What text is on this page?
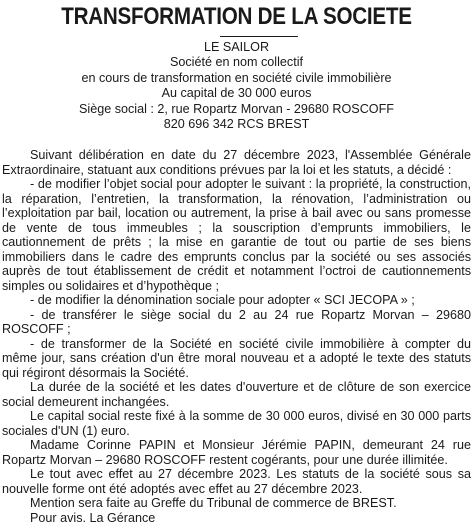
TRANSFORMATION DE LA SOCIETE
LE SAILOR
Société en nom collectif
en cours de transformation en société civile immobilière
Au capital de 30 000 euros
Siège social : 2, rue Ropartz Morvan - 29680 ROSCOFF
820 696 342 RCS BREST

Suivant délibération en date du 27 décembre 2023, l'Assemblée Générale Extraordinaire, statuant aux conditions prévues par la loi et les statuts, a décidé :

- de modifier l’objet social pour adopter le suivant : la propriété, la construction, la réparation, l’entretien, la transformation, la rénovation, l’administration ou l’exploitation par bail, location ou autrement, la prise à bail avec ou sans promesse de vente de tous immeubles ; la souscription d’emprunts immobiliers, le cautionnement de prêts ; la mise en garantie de tout ou partie de ses biens immobiliers dans le cadre des emprunts conclus par la société ou ses associés auprès de tout établissement de crédit et notamment l’octroi de cautionnements simples ou solidaires et d’hypothèque ;

- de modifier la dénomination sociale pour adopter « SCI JECOPA » ;

- de transférer le siège social du 2 au 24 rue Ropartz Morvan – 29680 ROSCOFF ;

- de transformer de la Société en société civile immobilière à compter du même jour, sans création d'un être moral nouveau et a adopté le texte des statuts qui régiront désormais la Société.

La durée de la société et les dates d'ouverture et de clôture de son exercice social demeurent inchangées.

Le capital social reste fixé à la somme de 30 000 euros, divisé en 30 000 parts sociales d'UN (1) euro.

Madame Corinne PAPIN et Monsieur Jérémie PAPIN, demeurant 24 rue Ropartz Morvan – 29680 ROSCOFF restent cogérants, pour une durée illimitée.

Le tout avec effet au 27 décembre 2023. Les statuts de la société sous sa nouvelle forme ont été adoptés avec effet au 27 décembre 2023.

Mention sera faite au Greffe du Tribunal de commerce de BREST.

Pour avis. La Gérance
